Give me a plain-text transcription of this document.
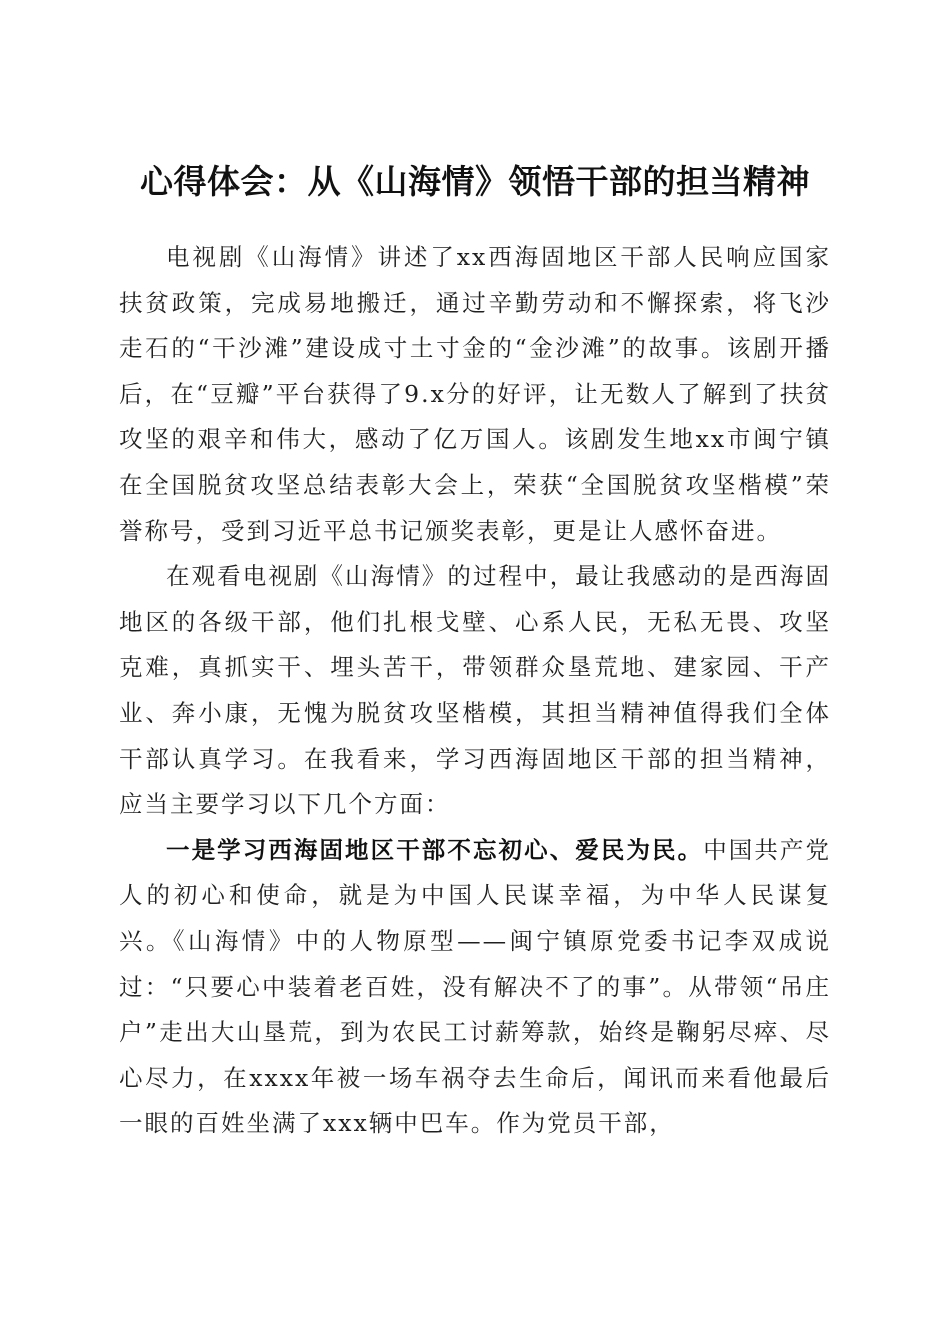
心得体会：从《山海情》领悟干部的担当精神

电视剧《山海情》讲述了xx西海固地区干部人民响应国家扶贫政策，完成易地搬迁，通过辛勤劳动和不懈探索，将飞沙走石的“干沙滩”建设成寸土寸金的“金沙滩”的故事。该剧开播后，在“豆瓣”平台获得了9.x分的好评，让无数人了解到了扶贫攻坚的艰辛和伟大，感动了亿万国人。该剧发生地xx市闽宁镇在全国脱贫攻坚总结表彰大会上，荣获“全国脱贫攻坚楷模”荣誉称号，受到习近平总书记颁奖表彰，更是让人感怀奋进。

在观看电视剧《山海情》的过程中，最让我感动的是西海固地区的各级干部，他们扎根戈壁、心系人民，无私无畏、攻坚克难，真抓实干、埋头苦干，带领群众垦荒地、建家园、干产业、奔小康，无愧为脱贫攻坚楷模，其担当精神值得我们全体干部认真学习。在我看来，学习西海固地区干部的担当精神，应当主要学习以下几个方面：

一是学习西海固地区干部不忘初心、爱民为民。中国共产党人的初心和使命，就是为中国人民谋幸福，为中华人民谋复兴。《山海情》中的人物原型——闽宁镇原党委书记李双成说过：“只要心中装着老百姓，没有解决不了的事”。从带领“吊庄户”走出大山垦荒，到为农民工讨薪筹款，始终是鞠躬尽瘁、尽心尽力，在xxxx年被一场车祸夺去生命后，闻讯而来看他最后一眼的百姓坐满了xxx辆中巴车。作为党员干部，
